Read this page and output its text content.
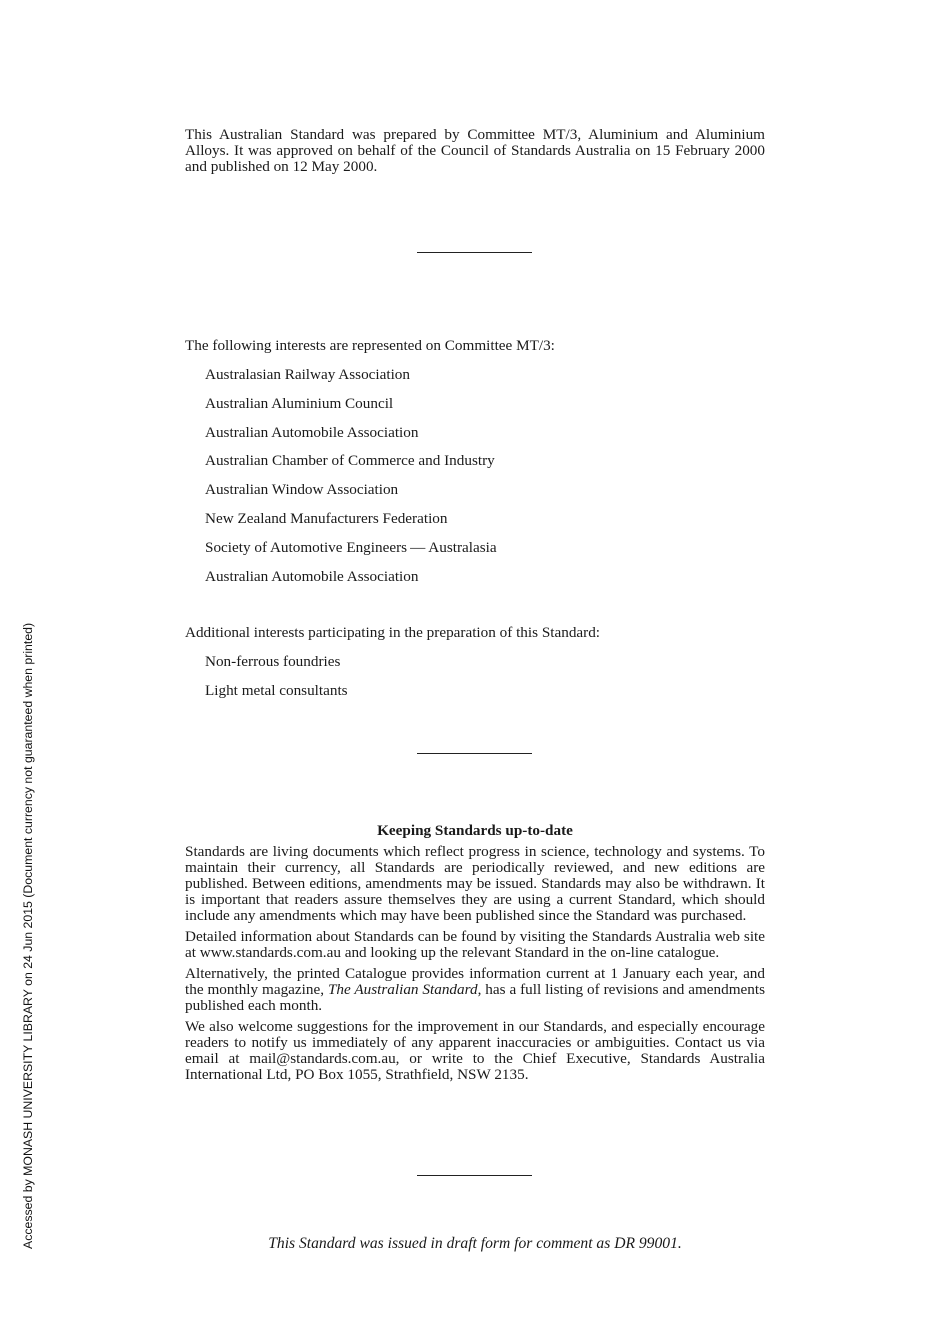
This Australian Standard was prepared by Committee MT/3, Aluminium and Aluminium Alloys. It was approved on behalf of the Council of Standards Australia on 15 February 2000 and published on 12 May 2000.
The following interests are represented on Committee MT/3:
Australasian Railway Association
Australian Aluminium Council
Australian Automobile Association
Australian Chamber of Commerce and Industry
Australian Window Association
New Zealand Manufacturers Federation
Society of Automotive Engineers — Australasia
Australian Automobile Association
Additional interests participating in the preparation of this Standard:
Non-ferrous foundries
Light metal consultants
Keeping Standards up-to-date

Standards are living documents which reflect progress in science, technology and systems. To maintain their currency, all Standards are periodically reviewed, and new editions are published. Between editions, amendments may be issued. Standards may also be withdrawn. It is important that readers assure themselves they are using a current Standard, which should include any amendments which may have been published since the Standard was purchased.

Detailed information about Standards can be found by visiting the Standards Australia web site at www.standards.com.au and looking up the relevant Standard in the on-line catalogue.

Alternatively, the printed Catalogue provides information current at 1 January each year, and the monthly magazine, The Australian Standard, has a full listing of revisions and amendments published each month.

We also welcome suggestions for the improvement in our Standards, and especially encourage readers to notify us immediately of any apparent inaccuracies or ambiguities. Contact us via email at mail@standards.com.au, or write to the Chief Executive, Standards Australia International Ltd, PO Box 1055, Strathfield, NSW 2135.

This Standard was issued in draft form for comment as DR 99001.
Accessed by MONASH UNIVERSITY LIBRARY on 24 Jun 2015 (Document currency not guaranteed when printed)
